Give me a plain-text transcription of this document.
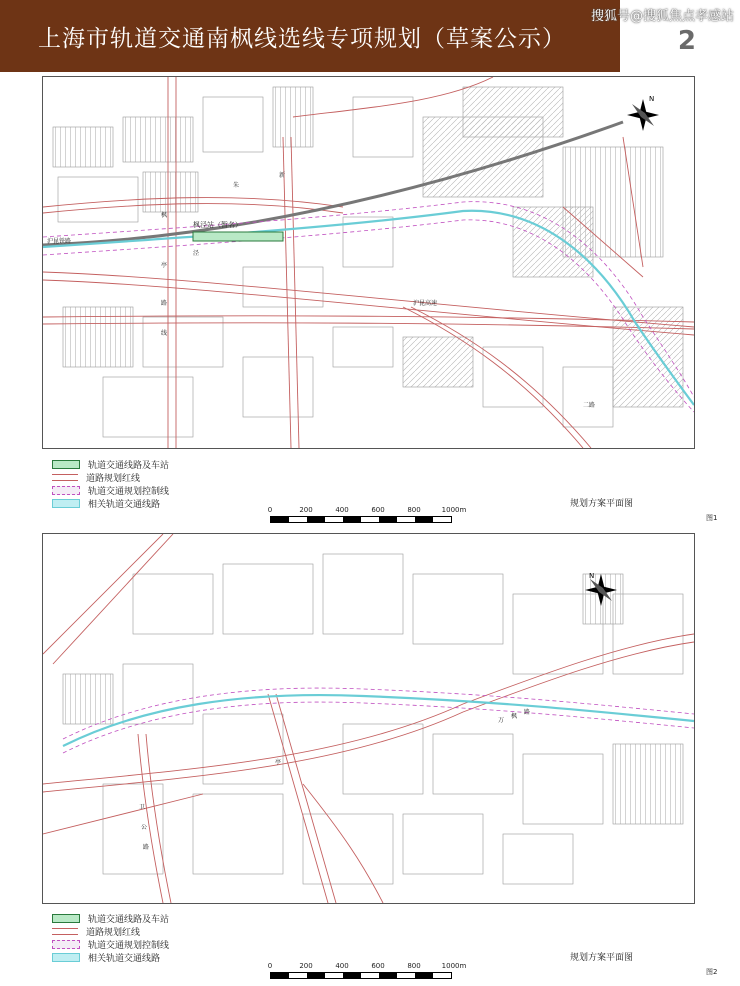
上海市轨道交通南枫线选线专项规划（草案公示）
搜狐号@搜狐焦点孝感站
2
N
枫泾站（暂名）
沪昆铁路
沪昆高速
亭
枫
朱
路
新
二路
泾
线
轨道交通线路及车站
道路规划红线
轨道交通规划控制线
相关轨道交通线路	0	200	400	600	800	1000m
规划方案平面图
图1
N
万
枫
路
亭
卫
公
路
轨道交通线路及车站
道路规划红线
轨道交通规划控制线
相关轨道交通线路
0	200	400	600	800	1000m
规划方案平面图
图2
